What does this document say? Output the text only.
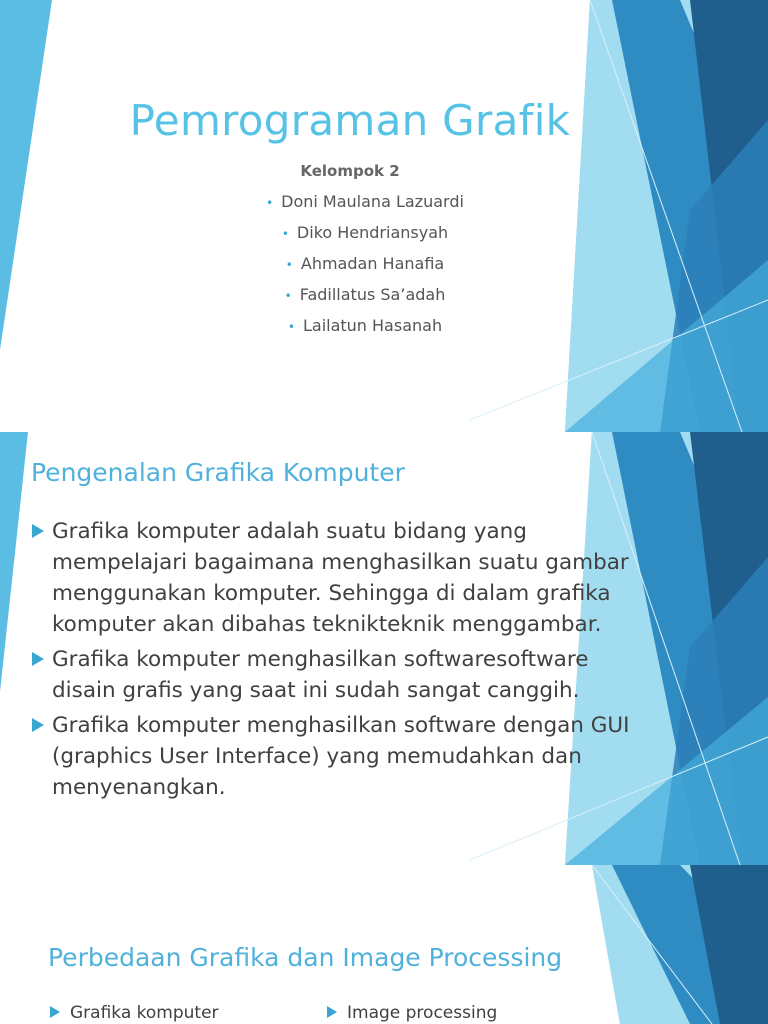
Pemrograman Grafik
Kelompok 2
• Doni Maulana Lazuardi
• Diko Hendriansyah
• Ahmadan Hanafia
• Fadillatus Sa’adah
• Lailatun Hasanah
Pengenalan Grafika Komputer
Grafika komputer adalah suatu bidang yang mempelajari bagaimana menghasilkan suatu gambar menggunakan komputer. Sehingga di dalam grafika komputer akan dibahas teknikteknik menggambar.
Grafika komputer menghasilkan softwaresoftware disain grafis yang saat ini sudah sangat canggih.
Grafika komputer menghasilkan software dengan GUI (graphics User Interface) yang memudahkan dan menyenangkan.
Perbedaan Grafika dan Image Processing
Grafika komputer	Image processing
